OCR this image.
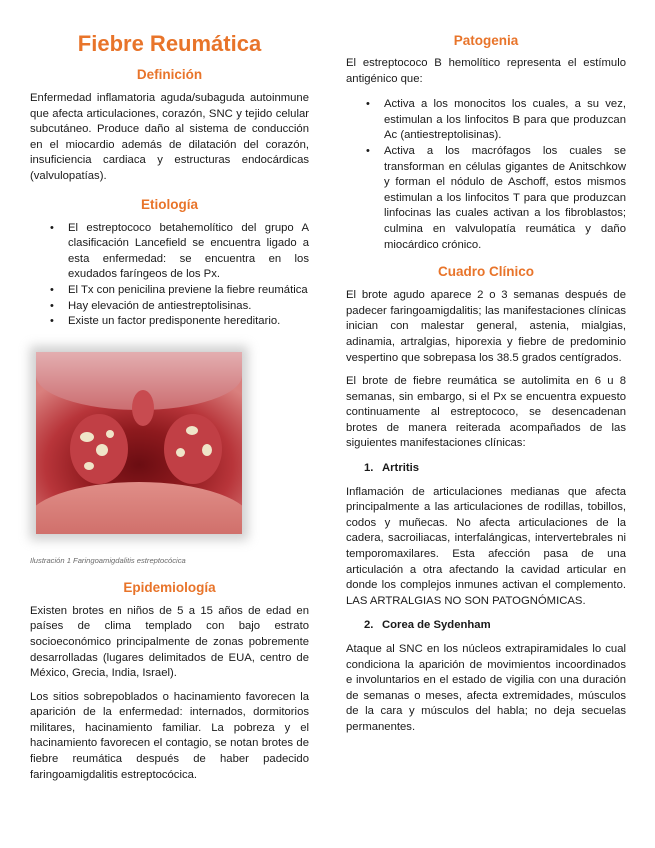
Fiebre Reumática
Definición

Enfermedad inflamatoria aguda/subaguda autoinmune que afecta articulaciones, corazón, SNC y tejido celular subcutáneo. Produce daño al sistema de conducción en el miocardio además de dilatación del corazón, insuficiencia cardiaca y estructuras endocárdicas (valvulopatías).

Etiología
• El estreptococo betahemolítico del grupo A clasificación Lancefield se encuentra ligado a esta enfermedad: se encuentra en los exudados faríngeos de los Px.
• El Tx con penicilina previene la fiebre reumática
• Hay elevación de antiestreptolisinas.
• Existe un factor predisponente hereditario.

Ilustración 1 Faringoamigdalitis estreptocócica

Epidemiología

Existen brotes en niños de 5 a 15 años de edad en países de clima templado con bajo estrato socioeconómico principalmente de zonas pobremente desarrolladas (lugares delimitados de EUA, centro de México, Grecia, India, Israel).

Los sitios sobrepoblados o hacinamiento favorecen la aparición de la enfermedad: internados, dormitorios militares, hacinamiento familiar. La pobreza y el hacinamiento favorecen el contagio, se notan brotes de fiebre reumática después de haber padecido faringoamigdalitis estreptocócica.

Patogenia

El estreptococo B hemolítico representa el estímulo antigénico que:

• Activa a los monocitos los cuales, a su vez, estimulan a los linfocitos B para que produzcan Ac (antiestreptolisinas).
• Activa a los macrófagos los cuales se transforman en células gigantes de Anitschkow y forman el nódulo de Aschoff, estos mismos estimulan a los linfocitos T para que produzcan linfocinas las cuales activan a los fibroblastos; culmina en valvulopatía reumática y daño miocárdico crónico.
Cuadro Clínico

El brote agudo aparece 2 o 3 semanas después de padecer faringoamigdalitis; las manifestaciones clínicas inician con malestar general, astenia, mialgias, adinamia, artralgias, hiporexia y fiebre de predominio vespertino que sobrepasa los 38.5 grados centígrados.

El brote de fiebre reumática se autolimita en 6 u 8 semanas, sin embargo, si el Px se encuentra expuesto continuamente al estreptococo, se desencadenan brotes de manera reiterada acompañados de las siguientes manifestaciones clínicas:

1. Artritis

Inflamación de articulaciones medianas que afecta principalmente a las articulaciones de rodillas, tobillos, codos y muñecas. No afecta articulaciones de la cadera, sacroiliacas, interfalángicas, intervertebrales ni temporomaxilares. Esta afección pasa de una articulación a otra afectando la cavidad articular en donde los complejos inmunes activan el complemento. LAS ARTRALGIAS NO SON PATOGNÓMICAS.

2. Corea de Sydenham

Ataque al SNC en los núcleos extrapiramidales lo cual condiciona la aparición de movimientos incoordinados e involuntarios en el estado de vigilia con una duración de semanas o meses, afecta extremidades, músculos de la cara y músculos del habla; no deja secuelas permanentes.
